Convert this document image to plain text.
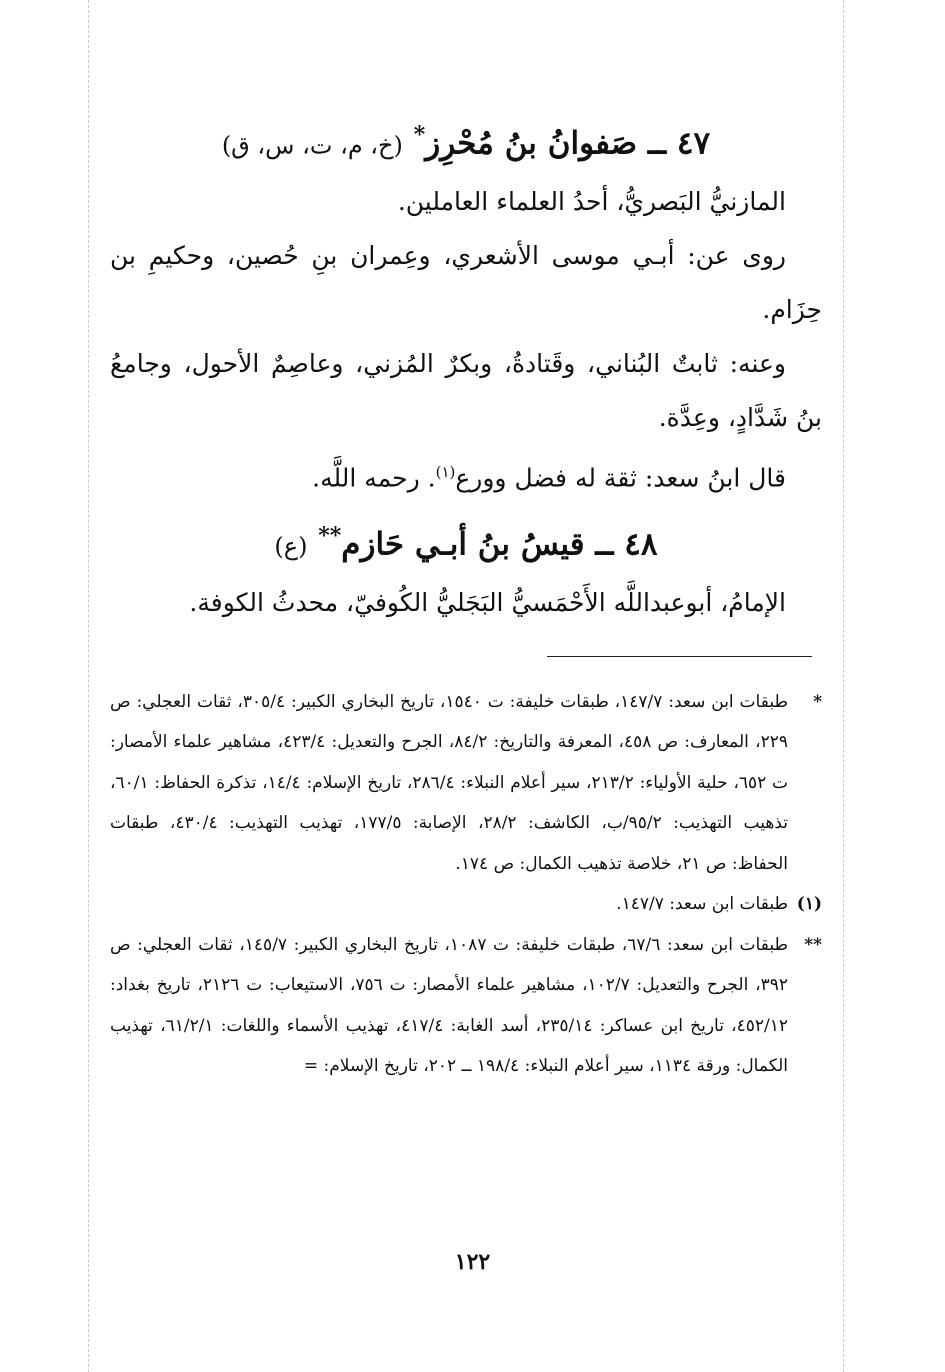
٤٧ ــ صَفوانُ بنُ مُحْرِز* (خ، م، ت، س، ق)

المازنيُّ البَصريُّ، أحدُ العلماء العاملين.

روى عن: أبـي موسى الأشعري، وعِمران بنِ حُصين، وحكيمِ بن حِزَام.

وعنه: ثابتٌ البُناني، وقَتادةُ، وبكرٌ المُزني، وعاصِمٌ الأحول، وجامعُ بنُ شَدَّادٍ، وعِدَّة.

قال ابنُ سعد: ثقة له فضل وورع$^{(١)}$. رحمه اللَّه.

٤٨ ــ قيسُ بنُ أبـي حَازم** (ع)

الإمامُ، أبوعبداللَّه الأَحْمَسيُّ البَجَليُّ الكُوفيّ، محدثُ الكوفة.

*
طبقات ابن سعد: ١٤٧/٧، طبقات خليفة: ت ١٥٤٠، تاريخ البخاري الكبير: ٣٠٥/٤، ثقات العجلي: ص ٢٢٩، المعارف: ص ٤٥٨، المعرفة والتاريخ: ٨٤/٢، الجرح والتعديل: ٤٢٣/٤، مشاهير علماء الأمصار: ت ٦٥٢، حلية الأولياء: ٢١٣/٢، سير أعلام النبلاء: ٢٨٦/٤، تاريخ الإسلام: ١٤/٤، تذكرة الحفاظ: ٦٠/١، تذهيب التهذيب: ٩٥/٢/ب، الكاشف: ٢٨/٢، الإصابة: ١٧٧/٥، تهذيب التهذيب: ٤٣٠/٤، طبقات الحفاظ: ص ٢١، خلاصة تذهيب الكمال: ص ١٧٤.
(١)
طبقات ابن سعد: ١٤٧/٧.
**
طبقات ابن سعد: ٦٧/٦، طبقات خليفة: ت ١٠٨٧، تاريخ البخاري الكبير: ١٤٥/٧، ثقات العجلي: ص ٣٩٢، الجرح والتعديل: ١٠٢/٧، مشاهير علماء الأمصار: ت ٧٥٦، الاستيعاب: ت ٢١٢٦، تاريخ بغداد: ٤٥٢/١٢، تاريخ ابن عساكر: ٢٣٥/١٤، أسد الغابة: ٤١٧/٤، تهذيب الأسماء واللغات: ٦١/٢/١، تهذيب الكمال: ورقة ١١٣٤، سير أعلام النبلاء: ١٩٨/٤ ــ ٢٠٢، تاريخ الإسلام: =
١٢٢
